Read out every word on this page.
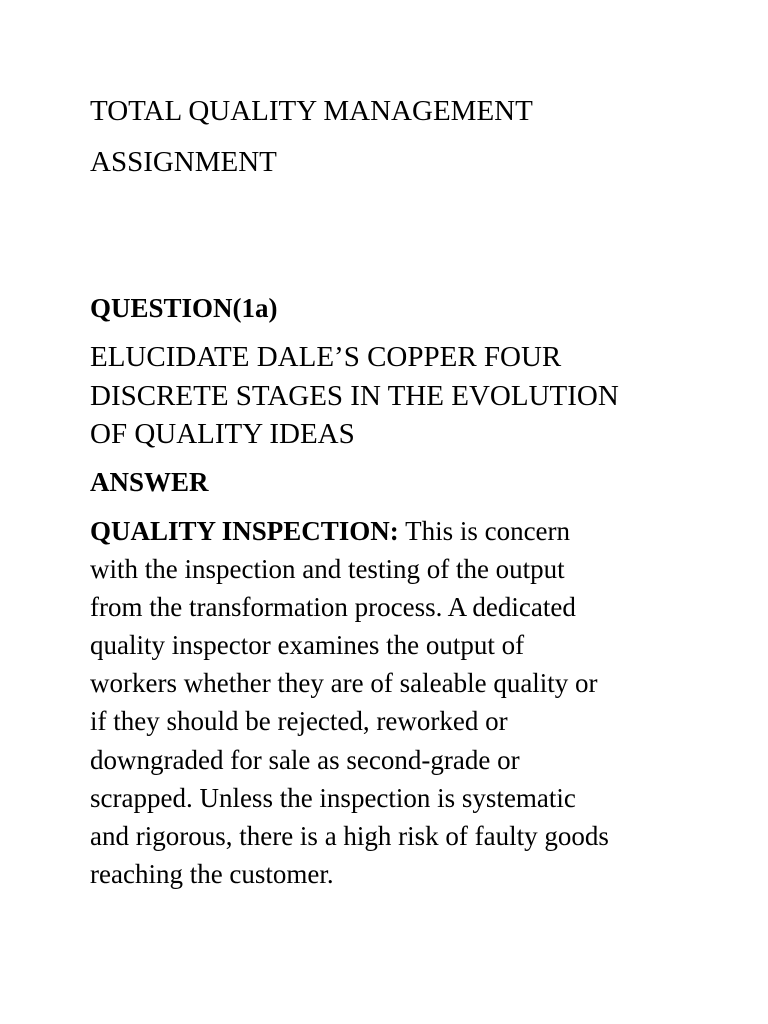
TOTAL QUALITY MANAGEMENT
ASSIGNMENT
QUESTION(1a)

ELUCIDATE DALE’S COPPER FOUR
DISCRETE STAGES IN THE EVOLUTION
OF QUALITY IDEAS

ANSWER

QUALITY INSPECTION: This is concern
with the inspection and testing of the output
from the transformation process. A dedicated
quality inspector examines the output of
workers whether they are of saleable quality or
if they should be rejected, reworked or
downgraded for sale as second-grade or
scrapped. Unless the inspection is systematic
and rigorous, there is a high risk of faulty goods
reaching the customer.
